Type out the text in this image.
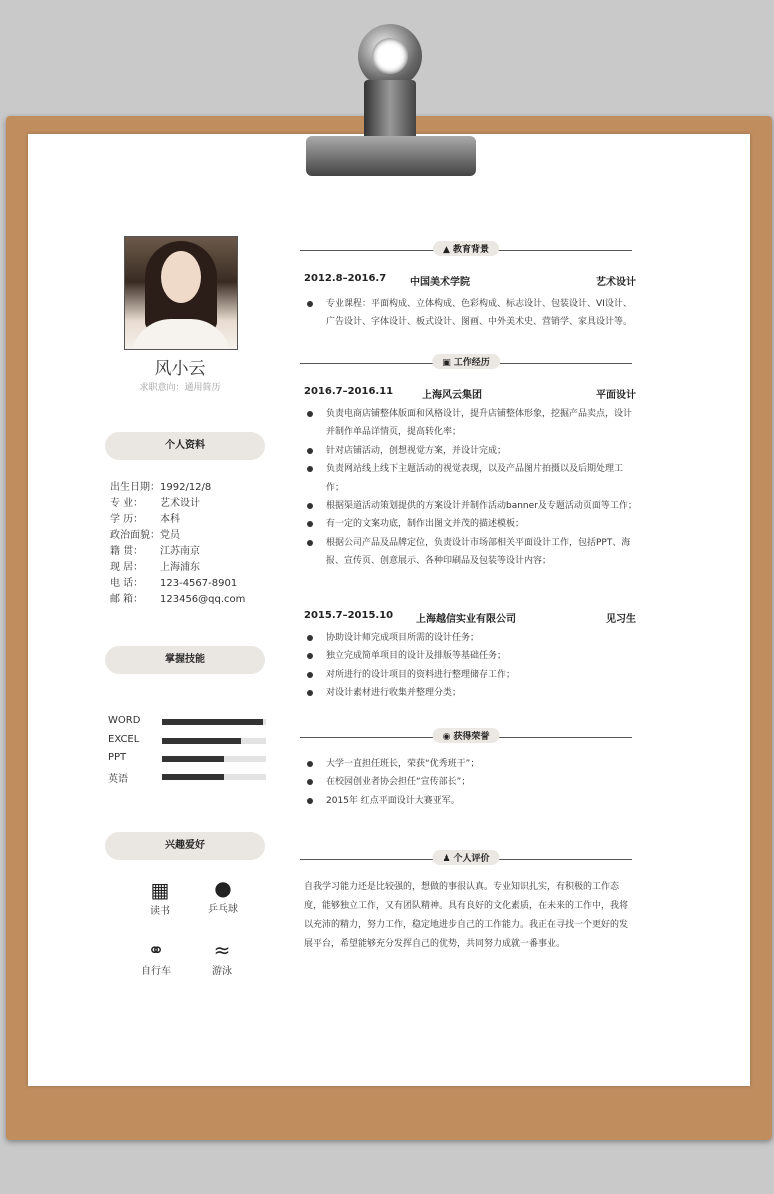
风小云
求职意向：通用简历
个人资料
出生日期： 1992/12/8
专 业：	艺术设计
学 历：	本科
政治面貌： 党员
籍 贯：	江苏南京
现 居：	上海浦东
电 话：	123-4567-8901
邮 箱：	123456@qq.com
掌握技能
WORD
EXCEL
PPT
英语
兴趣爱好
▦
读书
●
乒乓球
⚭
自行车
≈
游泳
▲ 教育背景
2012.8–2016.7 中国美术学院	艺术设计
专业课程：平面构成、立体构成、色彩构成、标志设计、包装设计、VI设计、广告设计、字体设计、板式设计、图画、中外美术史、营销学、家具设计等。
▣ 工作经历
2016.7–2016.11	上海风云集团	平面设计
负责电商店铺整体版面和风格设计，提升店铺整体形象，挖掘产品卖点，设计并制作单品详情页，提高转化率；
针对店铺活动，创想视觉方案，并设计完成；
负责网站线上线下主题活动的视觉表现，以及产品图片拍摄以及后期处理工作；
根据渠道活动策划提供的方案设计并制作活动banner及专题活动页面等工作；
有一定的文案功底，制作出图文并茂的描述模板；
根据公司产品及品牌定位，负责设计市场部相关平面设计工作，包括PPT、海报、宣传页、创意展示、各种印刷品及包装等设计内容；
2015.7–2015.10 上海越信实业有限公司	见习生
协助设计师完成项目所需的设计任务；
独立完成简单项目的设计及排版等基础任务；
对所进行的设计项目的资料进行整理储存工作；
对设计素材进行收集并整理分类；
◉ 获得荣誉
大学一直担任班长，荣获“优秀班干”；
在校园创业者协会担任“宣传部长”；
2015年 红点平面设计大赛亚军。
♟ 个人评价
自我学习能力还是比较强的，想做的事很认真。专业知识扎实，有积极的工作态度，能够独立工作，又有团队精神。具有良好的文化素质，在未来的工作中，我将以充沛的精力，努力工作，稳定地进步自己的工作能力。我正在寻找一个更好的发展平台，希望能够充分发挥自己的优势，共同努力成就一番事业。
